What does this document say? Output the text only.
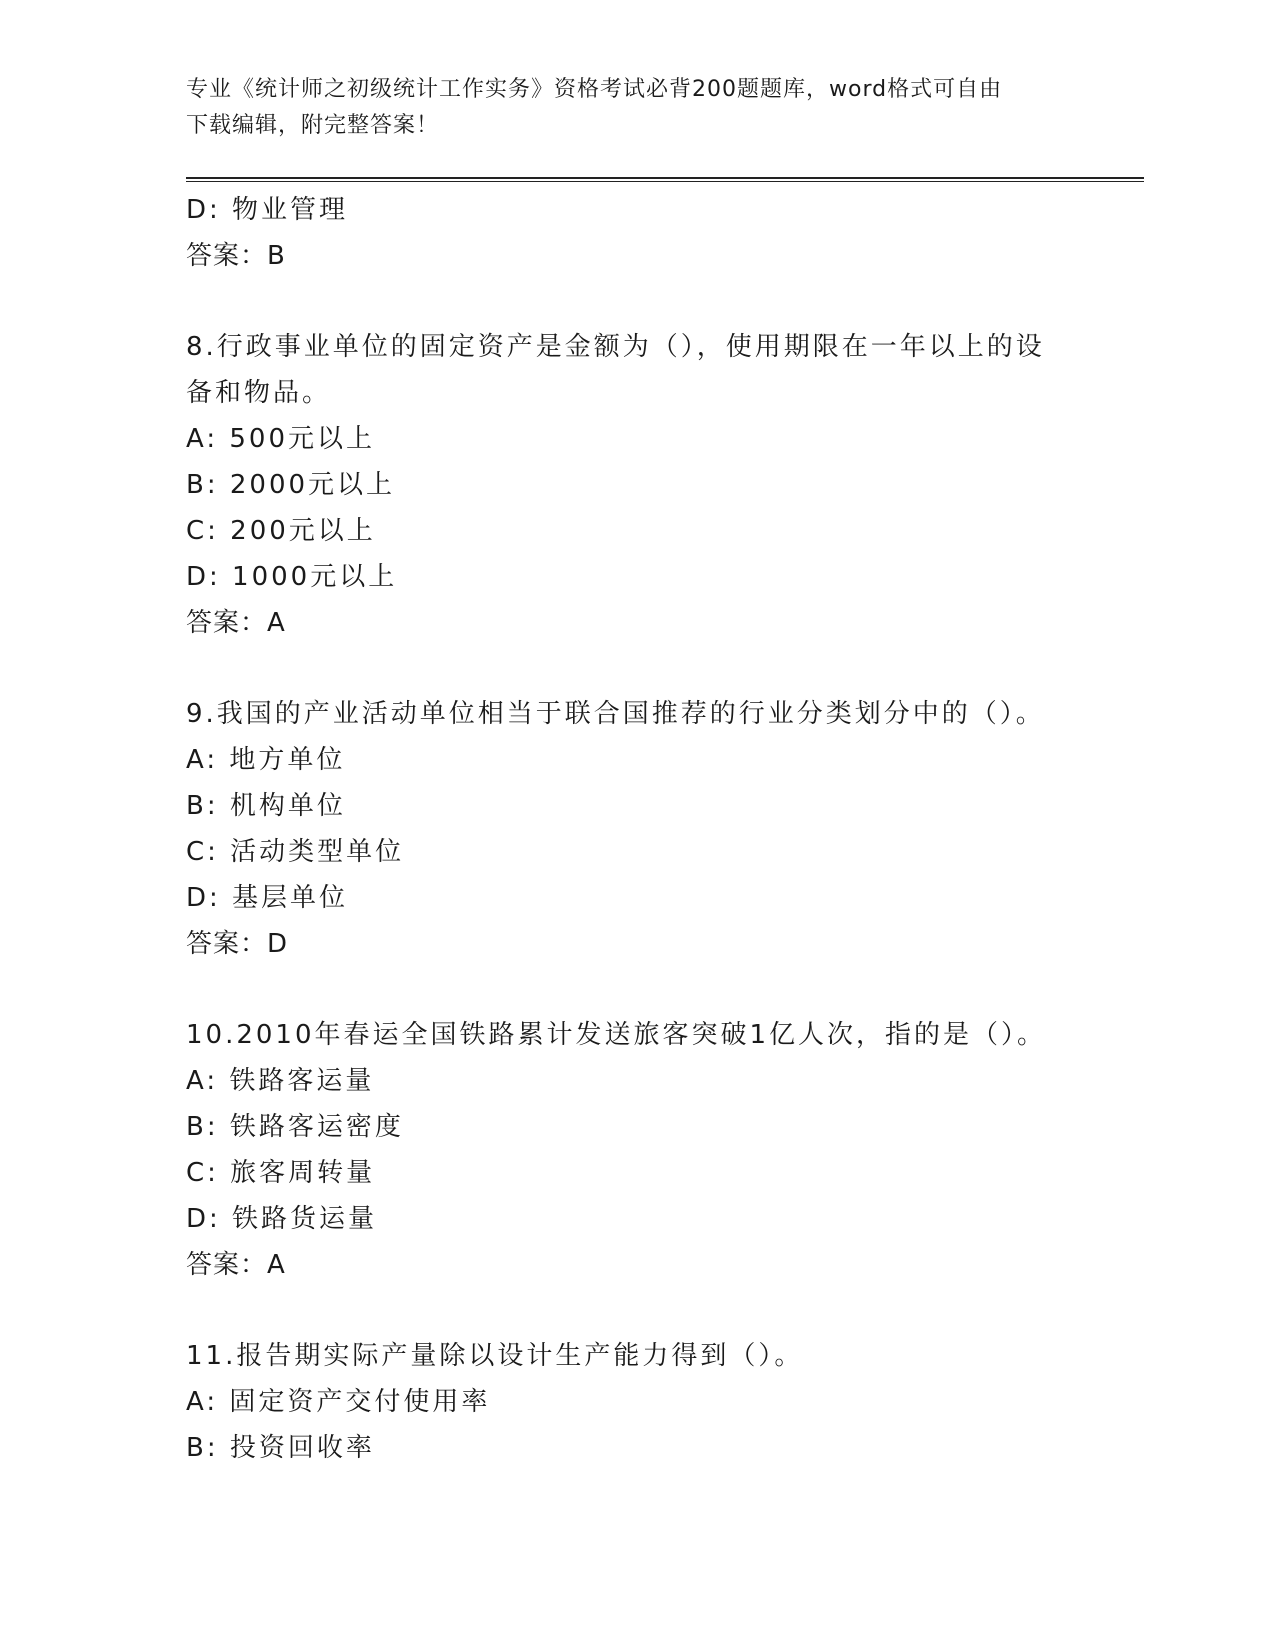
专业《统计师之初级统计工作实务》资格考试必背200题题库，word格式可自由
下载编辑，附完整答案！
D: 物业管理
答案：B
8.行政事业单位的固定资产是金额为（），使用期限在一年以上的设
备和物品。
A: 500元以上
B: 2000元以上
C: 200元以上
D: 1000元以上
答案：A
9.我国的产业活动单位相当于联合国推荐的行业分类划分中的（）。
A: 地方单位
B: 机构单位
C: 活动类型单位
D: 基层单位
答案：D
10.2010年春运全国铁路累计发送旅客突破1亿人次，指的是（）。
A: 铁路客运量
B: 铁路客运密度
C: 旅客周转量
D: 铁路货运量
答案：A
11.报告期实际产量除以设计生产能力得到（）。
A: 固定资产交付使用率
B: 投资回收率
